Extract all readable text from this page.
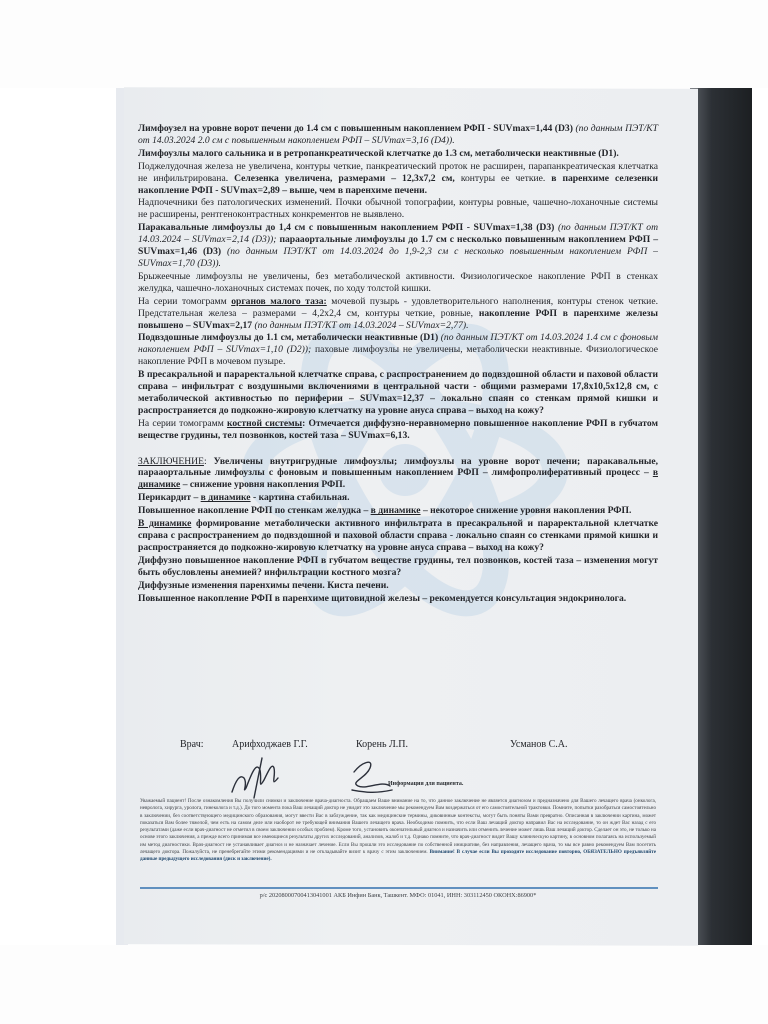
Лимфоузел на уровне ворот печени до 1.4 см с повышенным накоплением РФП - SUVmax=1,44 (D3) (по данным ПЭТ/КТ от 14.03.2024 2.0 см с повышенным накоплением РФП – SUVmax=3,16 (D4)).

Лимфоузлы малого сальника и в ретропанкреатической клетчатке до 1.3 см, метаболически неактивные (D1).

Поджелудочная железа не увеличена, контуры четкие, панкреатический проток не расширен, парапанкреатическая клетчатка не инфильтрирована. Селезенка увеличена, размерами – 12,3х7,2 см, контуры ее четкие. в паренхиме селезенки накопление РФП - SUVmax=2,89 – выше, чем в паренхиме печени.

Надпочечники без патологических изменений. Почки обычной топографии, контуры ровные, чашечно-лоханочные системы не расширены, рентгеноконтрастных конкрементов не выявлено.

Паракавальные лимфоузлы до 1,4 см с повышенным накоплением РФП - SUVmax=1,38 (D3) (по данным ПЭТ/КТ от 14.03.2024 – SUVmax=2,14 (D3)); парааортальные лимфоузлы до 1.7 см с несколько повышенным накоплением РФП – SUVmax=1,46 (D3) (по данным ПЭТ/КТ от 14.03.2024 до 1,9-2,3 см с несколько повышенным накоплением РФП – SUVmax=1,70 (D3)).

Брыжеечные лимфоузлы не увеличены, без метаболической активности. Физиологическое накопление РФП в стенках желудка, чашечно-лоханочных системах почек, по ходу толстой кишки.

На серии томограмм органов малого таза: мочевой пузырь - удовлетворительного наполнения, контуры стенок четкие. Предстательная железа – размерами – 4,2х2,4 см, контуры четкие, ровные, накопление РФП в паренхиме железы повышено – SUVmax=2,17 (по данным ПЭТ/КТ от 14.03.2024 – SUVmax=2,77).

Подвздошные лимфоузлы до 1.1 см, метаболически неактивные (D1) (по данным ПЭТ/КТ от 14.03.2024 1.4 см с фоновым накоплением РФП – SUVmax=1,10 (D2)); паховые лимфоузлы не увеличены, метаболически неактивные. Физиологическое накопление РФП в мочевом пузыре.

В пресакральной и параректальной клетчатке справа, с распространением до подвздошной области и паховой области справа – инфильтрат с воздушными включениями в центральной части - общими размерами 17,8х10,5х12,8 см, с метаболической активностью по периферии – SUVmax=12,37 – локально спаян со стенкам прямой кишки и распространяется до подкожно-жировую клетчатку на уровне ануса справа – выход на кожу?

На серии томограмм костной системы: Отмечается диффузно-неравномерно повышенное накопление РФП в губчатом веществе грудины, тел позвонков, костей таза – SUVmax=6,13.

ЗАКЛЮЧЕНИЕ: Увеличены внутригрудные лимфоузлы; лимфоузлы на уровне ворот печени; паракавальные, парааортальные лимфоузлы с фоновым и повышенным накоплением РФП – лимфопролиферативный процесс – в динамике – снижение уровня накопления РФП.

Перикардит – в динамике - картина стабильная.

Повышенное накопление РФП по стенкам желудка – в динамике – некоторое снижение уровня накопления РФП.

В динамике формирование метаболически активного инфильтрата в пресакральной и параректальной клетчатке справа с распространением до подвздошной и паховой области справа - локально спаян со стенками прямой кишки и распространяется до подкожно-жировую клетчатку на уровне ануса справа – выход на кожу?

Диффузно повышенное накопление РФП в губчатом веществе грудины, тел позвонков, костей таза – изменения могут быть обусловлены анемией? инфильтрации костного мозга?

Диффузные изменения паренхимы печени. Киста печени.

Повышенное накопление РФП в паренхиме щитовидной железы – рекомендуется консультация эндокринолога.

Врач:	Арифходжаев Г.Г.	Корень Л.П.	Усманов С.А.
Информация для пациента.
Уважаемый пациент! После ознакомления Вы получили снимки и заключение врача-диагноста. Обращаем Ваше внимание на то, что данное заключение не является диагнозом и предназначено для Вашего лечащего врача (онколога, невролога, хирурга, уролога, гинеколога и т.д.). До того момента пока Ваш лечащий доктор не увидит это заключение мы рекомендуем Вам воздержаться от его самостоятельной трактовки. Помните, попытки разобраться самостоятельно в заключении, без соответствующего медицинского образования, могут ввести Вас в заблуждение, так как медицинские термины, диковинные контексты, могут быть поняты Вами превратно. Описанная в заключении картина, может показаться Вам более тяжелой, чем есть на самом деле или наоборот не требующей внимания Вашего лечащего врача. Необходимо помнить, что если Ваш лечащий доктор направил Вас на исследование, то он ждет Вас назад с его результатами (даже если врач-диагност не отметил в своем заключении особых проблем). Кроме того, установить окончательный диагноз и назначить или отменить лечение может лишь Ваш лечащий доктор. Сделает он это, не только на основе этого заключения, а прежде всего принимая все имеющиеся результаты других исследований, анализов, жалоб и т.д. Однако помните, что врач-диагност видит Вашу клиническую картину, в основном полагаясь на используемый им метод диагностики. Врач-диагност не устанавливает диагноз и не назначает лечение. Если Вы прошли это исследование по собственной инициативе, без направления, лечащего врача, то мы все равно рекомендуем Вам посетить лечащего доктора. Пожалуйста, не пренебрегайте этими рекомендациями и не откладывайте визит к врачу с этим заключением. Внимание! В случае если Вы проходите исследование повторно, ОБЯЗАТЕЛЬНО предъявляйте данные предыдущего исследования (диск и заключение).
р/с 20208000700413041001 АКБ Инфин Банк, Ташкент. МФО: 01041, ИНН: 303112450 ОКОНХ:86900*
